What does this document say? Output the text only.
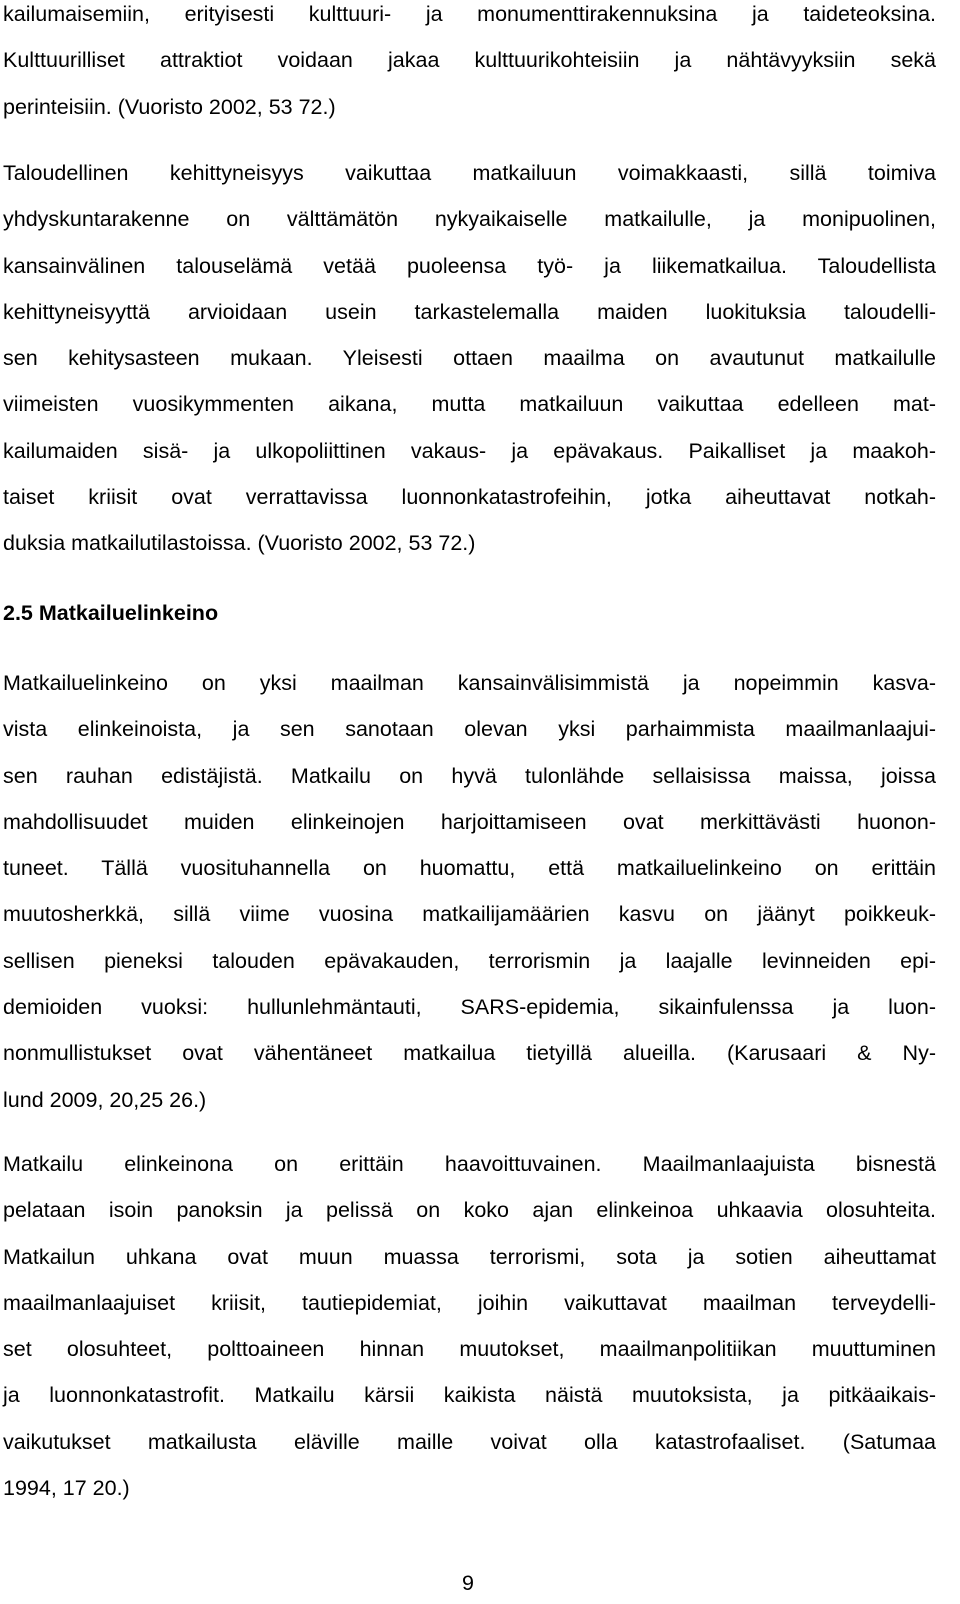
kailumaisemiin, erityisesti kulttuuri- ja monumenttirakennuksina ja taideteoksina.
Kulttuurilliset attraktiot voidaan jakaa kulttuurikohteisiin ja nähtävyyksiin sekä
perinteisiin. (Vuoristo 2002, 53 72.)
Taloudellinen kehittyneisyys vaikuttaa matkailuun voimakkaasti, sillä toimiva
yhdyskuntarakenne on välttämätön nykyaikaiselle matkailulle, ja monipuolinen,
kansainvälinen talouselämä vetää puoleensa työ- ja liikematkailua. Taloudellista
kehittyneisyyttä arvioidaan usein tarkastelemalla maiden luokituksia taloudelli-
sen kehitysasteen mukaan. Yleisesti ottaen maailma on avautunut matkailulle
viimeisten vuosikymmenten aikana, mutta matkailuun vaikuttaa edelleen mat-
kailumaiden sisä- ja ulkopoliittinen vakaus- ja epävakaus. Paikalliset ja maakoh-
taiset kriisit ovat verrattavissa luonnonkatastrofeihin, jotka aiheuttavat notkah-
duksia matkailutilastoissa. (Vuoristo 2002, 53 72.)
2.5 Matkailuelinkeino
Matkailuelinkeino on yksi maailman kansainvälisimmistä ja nopeimmin kasva-
vista elinkeinoista, ja sen sanotaan olevan yksi parhaimmista maailmanlaajui-
sen rauhan edistäjistä. Matkailu on hyvä tulonlähde sellaisissa maissa, joissa
mahdollisuudet muiden elinkeinojen harjoittamiseen ovat merkittävästi huonon-
tuneet. Tällä vuosituhannella on huomattu, että matkailuelinkeino on erittäin
muutosherkkä, sillä viime vuosina matkailijamäärien kasvu on jäänyt poikkeuk-
sellisen pieneksi talouden epävakauden, terrorismin ja laajalle levinneiden epi-
demioiden vuoksi: hullunlehmäntauti, SARS-epidemia, sikainfulenssa ja luon-
nonmullistukset ovat vähentäneet matkailua tietyillä alueilla. (Karusaari & Ny-
lund 2009, 20,25 26.)
Matkailu elinkeinona on erittäin haavoittuvainen. Maailmanlaajuista bisnestä
pelataan isoin panoksin ja pelissä on koko ajan elinkeinoa uhkaavia olosuhteita.
Matkailun uhkana ovat muun muassa terrorismi, sota ja sotien aiheuttamat
maailmanlaajuiset kriisit, tautiepidemiat, joihin vaikuttavat maailman terveydelli-
set olosuhteet, polttoaineen hinnan muutokset, maailmanpolitiikan muuttuminen
ja luonnonkatastrofit. Matkailu kärsii kaikista näistä muutoksista, ja pitkäaikais-
vaikutukset matkailusta eläville maille voivat olla katastrofaaliset. (Satumaa
1994, 17 20.)
9
